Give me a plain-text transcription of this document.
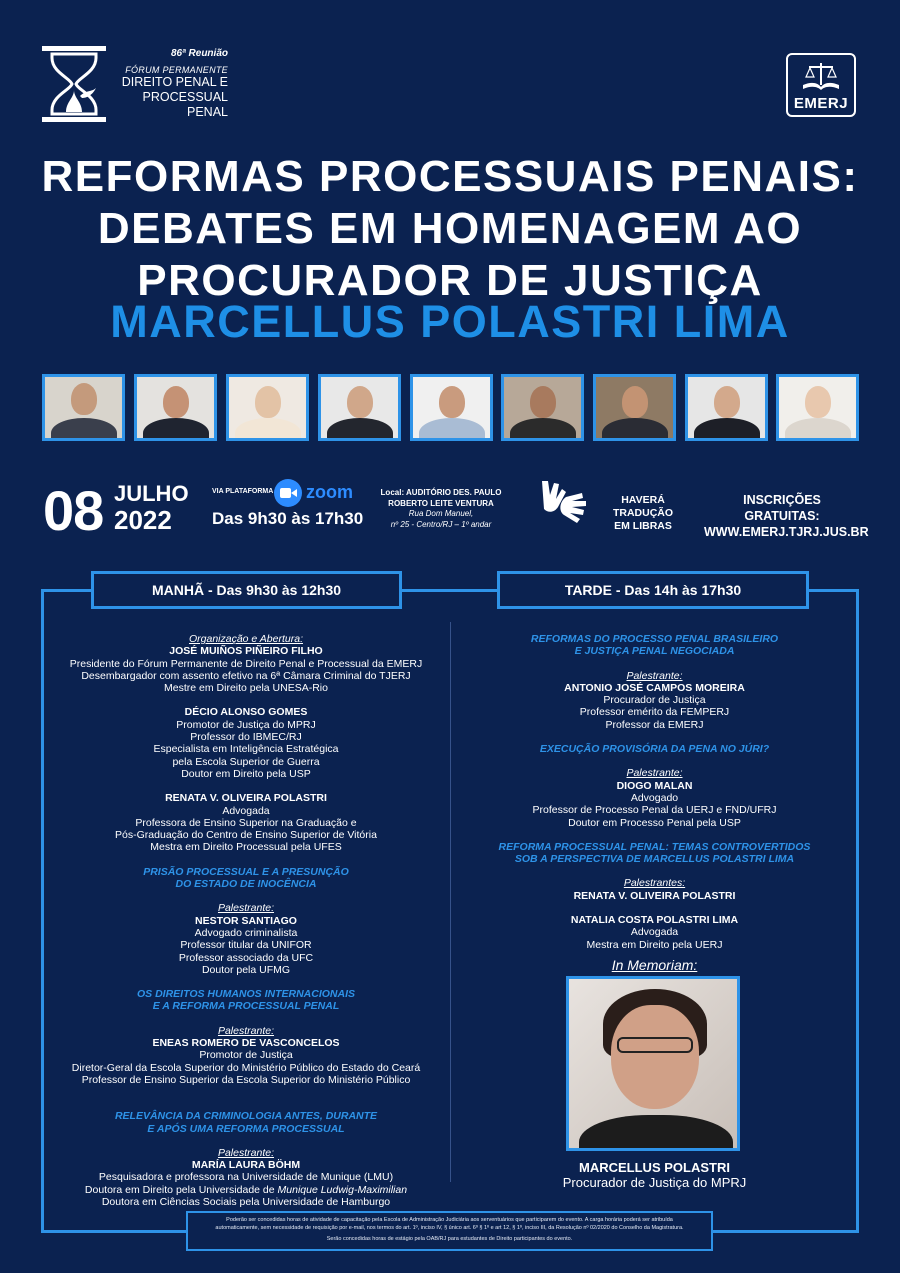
86ª Reunião
FÓRUM PERMANENTE
DIREITO PENAL E
PROCESSUAL PENAL	EMERJ
REFORMAS PROCESSUAIS PENAIS:
DEBATES EM HOMENAGEM AO
PROCURADOR DE JUSTIÇA
MARCELLUS POLASTRI LIMA
08 JULHO
2022
VIA PLATAFORMA zoom
Das 9h30 às 17h30
Local: AUDITÓRIO DES. PAULO
ROBERTO LEITE VENTURA
Rua Dom Manuel,
nº 25 - Centro/RJ – 1º andar
HAVERÁ TRADUÇÃO
EM LIBRAS
INSCRIÇÕES GRATUITAS:
WWW.EMERJ.TJRJ.JUS.BR
MANHÃ - Das 9h30 às 12h30	TARDE - Das 14h às 17h30
Organização e Abertura:
JOSÉ MUIÑOS PIÑEIRO FILHO
Presidente do Fórum Permanente de Direito Penal e Processual da EMERJ
Desembargador com assento efetivo na 6ª Câmara Criminal do TJERJ
Mestre em Direito pela UNESA-Rio
DÉCIO ALONSO GOMES
Promotor de Justiça do MPRJ
Professor do IBMEC/RJ
Especialista em Inteligência Estratégica
pela Escola Superior de Guerra
Doutor em Direito pela USP
RENATA V. OLIVEIRA POLASTRI
Advogada
Professora de Ensino Superior na Graduação e
Pós-Graduação do Centro de Ensino Superior de Vitória
Mestra em Direito Processual pela UFES
PRISÃO PROCESSUAL E A PRESUNÇÃO
DO ESTADO DE INOCÊNCIA
Palestrante:
NESTOR SANTIAGO
Advogado criminalista
Professor titular da UNIFOR
Professor associado da UFC
Doutor pela UFMG
OS DIREITOS HUMANOS INTERNACIONAIS
E A REFORMA PROCESSUAL PENAL
Palestrante:
ENEAS ROMERO DE VASCONCELOS
Promotor de Justiça
Diretor-Geral da Escola Superior do Ministério Público do Estado do Ceará
Professor de Ensino Superior da Escola Superior do Ministério Público
RELEVÂNCIA DA CRIMINOLOGIA ANTES, DURANTE
E APÓS UMA REFORMA PROCESSUAL
Palestrante:
MARÍA LAURA BÖHM
Pesquisadora e professora na Universidade de Munique (LMU)
Doutora em Direito pela Universidade de Munique Ludwig-Maximilian
Doutora em Ciências Sociais pela Universidade de Hamburgo
REFORMAS DO PROCESSO PENAL BRASILEIRO
E JUSTIÇA PENAL NEGOCIADA
Palestrante:
ANTONIO JOSÉ CAMPOS MOREIRA
Procurador de Justiça
Professor emérito da FEMPERJ
Professor da EMERJ
EXECUÇÃO PROVISÓRIA DA PENA NO JÚRI?
Palestrante:
DIOGO MALAN
Advogado
Professor de Processo Penal da UERJ e FND/UFRJ
Doutor em Processo Penal pela USP
REFORMA PROCESSUAL PENAL: TEMAS CONTROVERTIDOS
SOB A PERSPECTIVA DE MARCELLUS POLASTRI LIMA
Palestrantes:
RENATA V. OLIVEIRA POLASTRI
NATALIA COSTA POLASTRI LIMA
Advogada
Mestra em Direito pela UERJ
In Memoriam:
MARCELLUS POLASTRI
Procurador de Justiça do MPRJ
Poderão ser concedidas horas de atividade de capacitação pela Escola de Administração Judiciária aos serventuários que participarem do evento. A carga horária poderá ser atribuída
automaticamente, sem necessidade de requisição por e-mail, nos termos do art. 1º, inciso IV, § único art. 6º § 1º e art 12, § 1º, inciso III, da Resolução nº 02/2020 do Conselho da Magistratura.
Serão concedidas horas de estágio pela OAB/RJ para estudantes de Direito participantes do evento.
